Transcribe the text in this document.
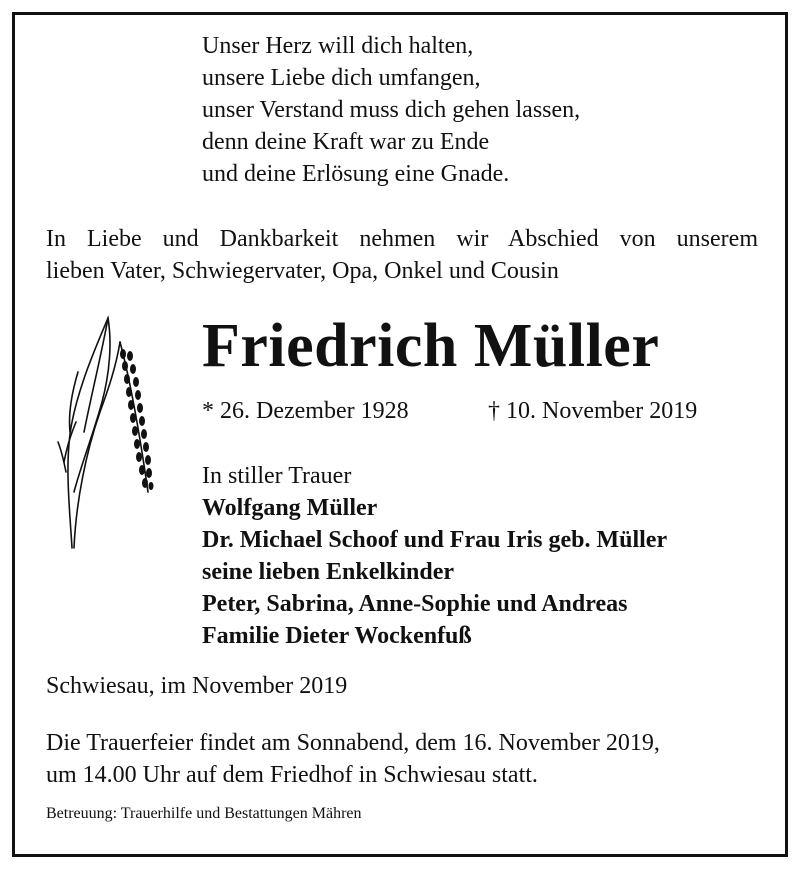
Unser Herz will dich halten,
unsere Liebe dich umfangen,
unser Verstand muss dich gehen lassen,
denn deine Kraft war zu Ende
und deine Erlösung eine Gnade.
In Liebe und Dankbarkeit nehmen wir Abschied von unserem
lieben Vater, Schwiegervater, Opa, Onkel und Cousin
Friedrich Müller
* 26. Dezember 1928	† 10. November 2019
In stiller Trauer
Wolfgang Müller
Dr. Michael Schoof und Frau Iris geb. Müller
seine lieben Enkelkinder
Peter, Sabrina, Anne-Sophie und Andreas
Familie Dieter Wockenfuß
Schwiesau, im November 2019
Die Trauerfeier findet am Sonnabend, dem 16. November 2019,
um 14.00 Uhr auf dem Friedhof in Schwiesau statt.
Betreuung: Trauerhilfe und Bestattungen Mähren
